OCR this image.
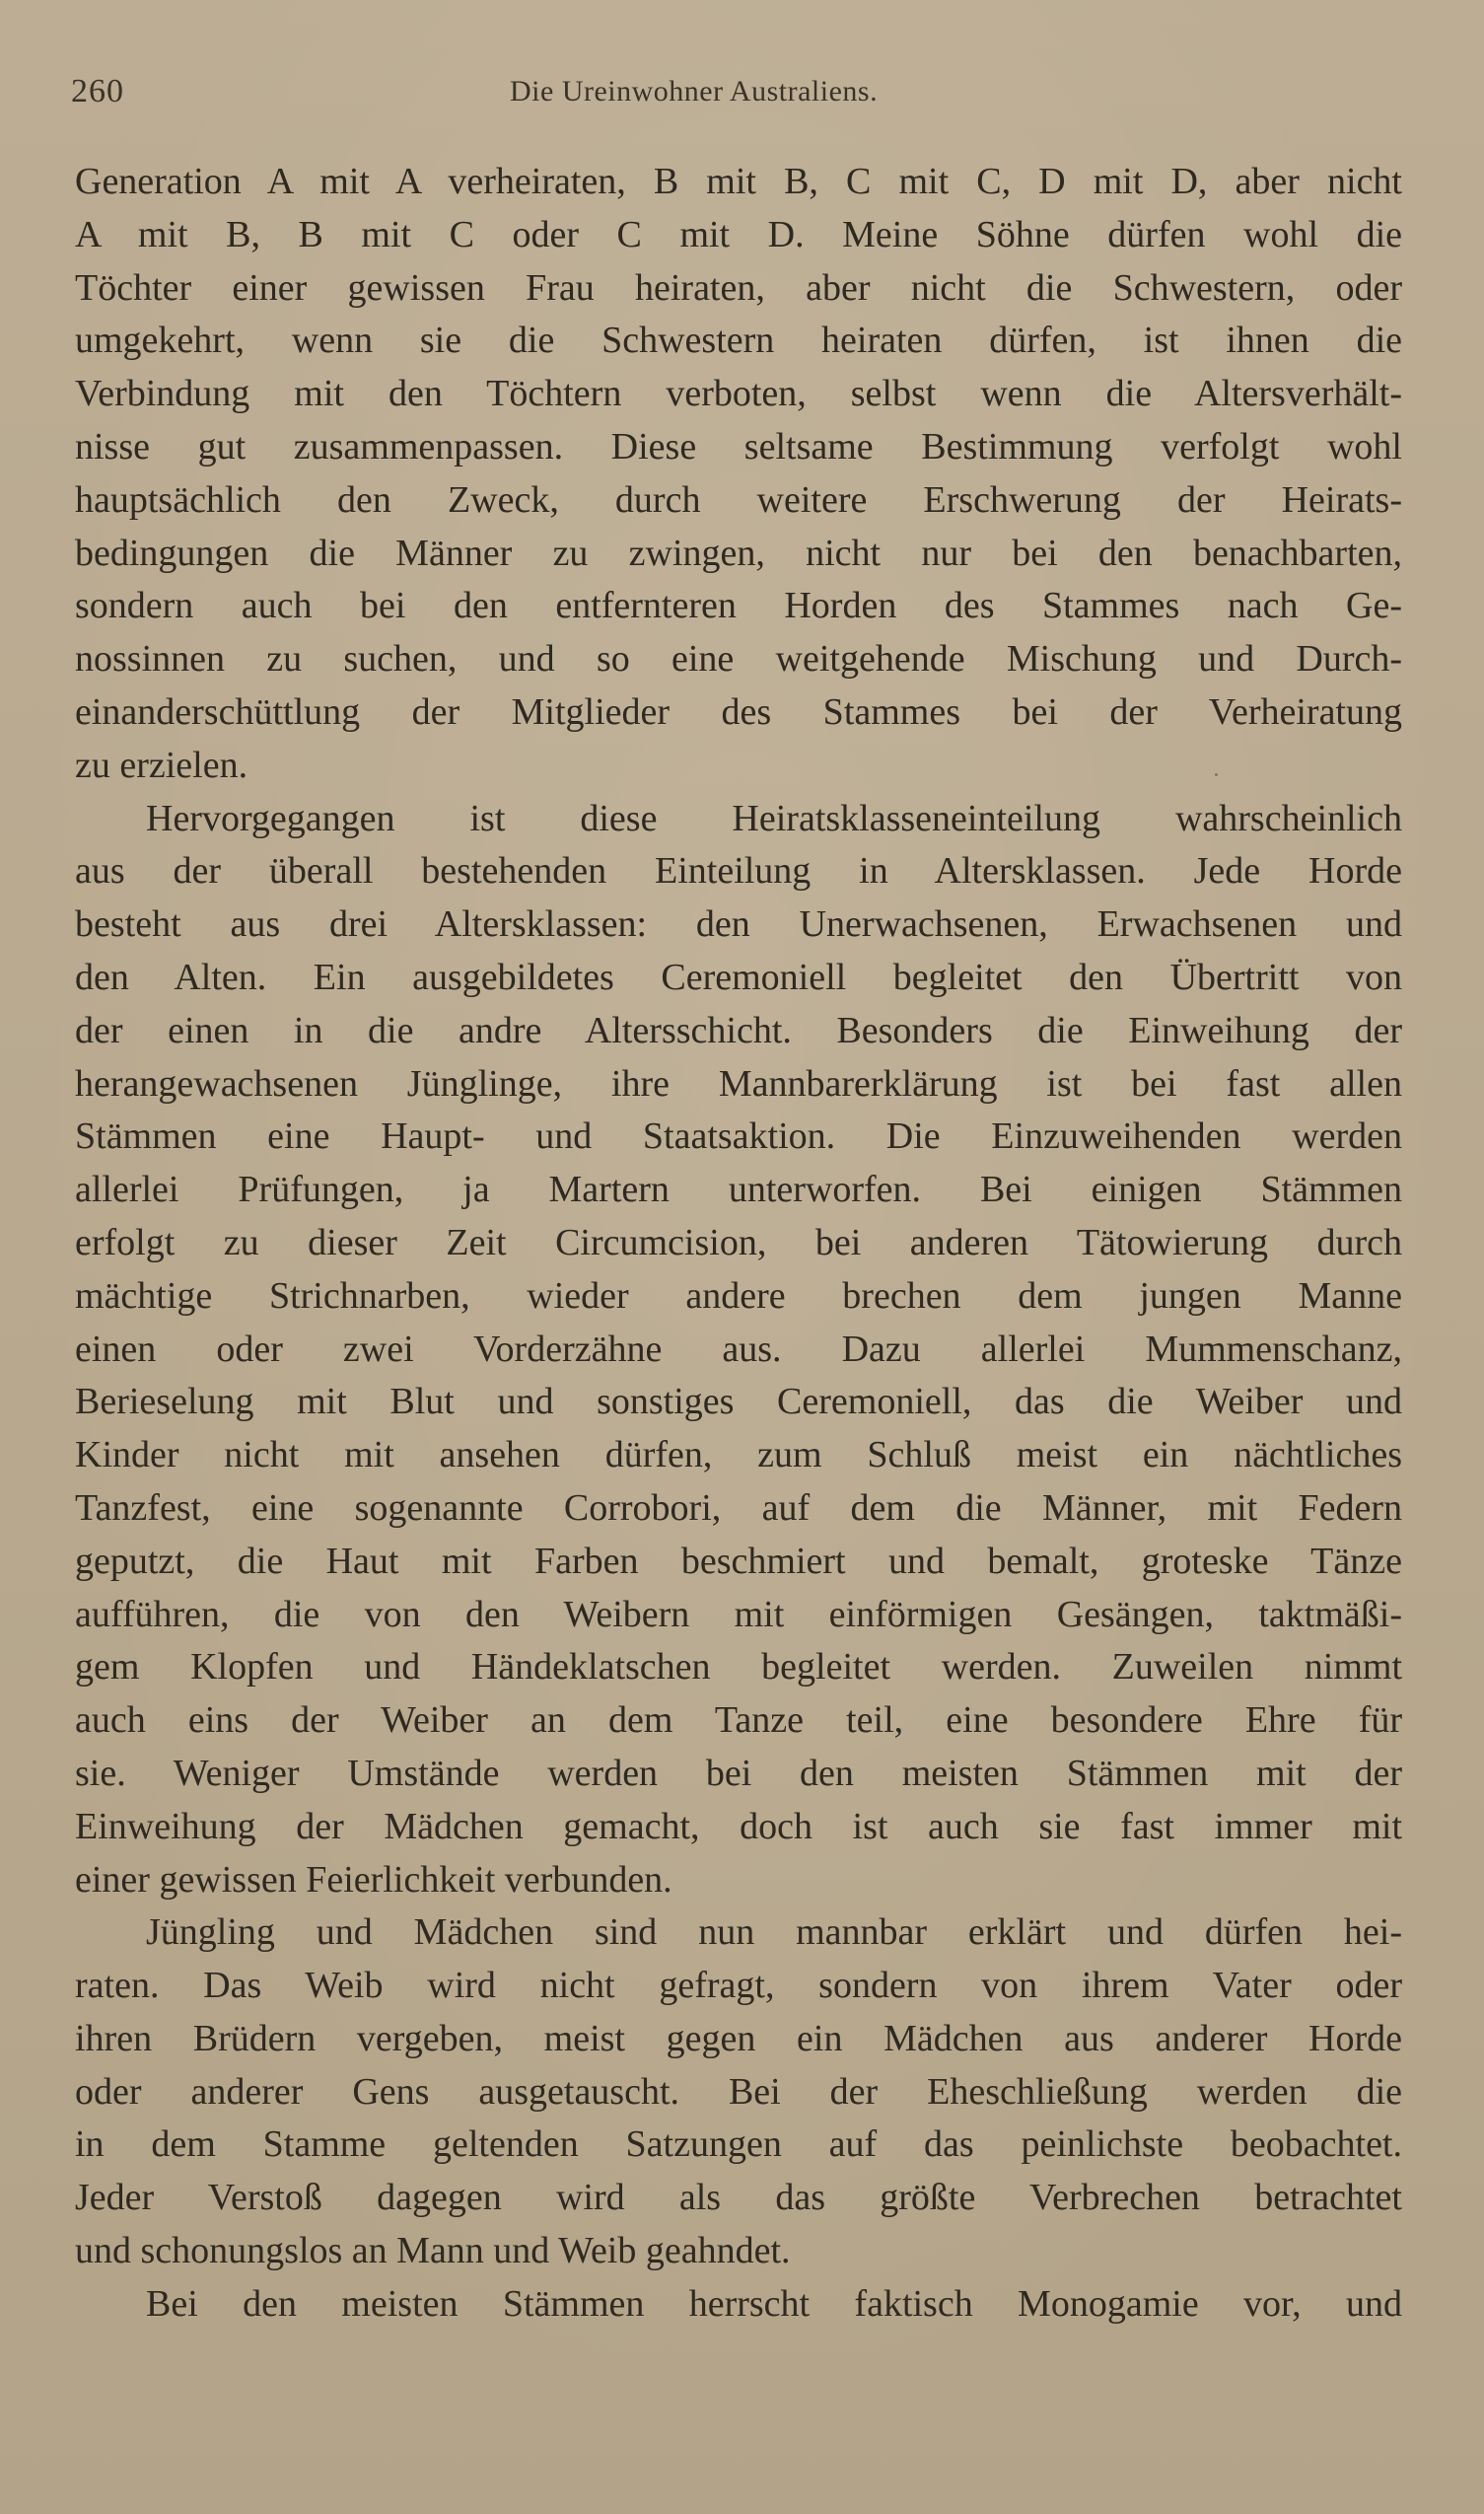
260	Die Ureinwohner Australiens.
Generation A mit A verheiraten, B mit B, C mit C, D mit D, aber nicht
A mit B, B mit C oder C mit D. Meine Söhne dürfen wohl die
Töchter einer gewissen Frau heiraten, aber nicht die Schwestern, oder
umgekehrt, wenn sie die Schwestern heiraten dürfen, ist ihnen die
Verbindung mit den Töchtern verboten, selbst wenn die Altersverhält-
nisse gut zusammenpassen. Diese seltsame Bestimmung verfolgt wohl
hauptsächlich den Zweck, durch weitere Erschwerung der Heirats-
bedingungen die Männer zu zwingen, nicht nur bei den benachbarten,
sondern auch bei den entfernteren Horden des Stammes nach Ge-
nossinnen zu suchen, und so eine weitgehende Mischung und Durch-
einanderschüttlung der Mitglieder des Stammes bei der Verheiratung
zu erzielen.
Hervorgegangen ist diese Heiratsklasseneinteilung wahrscheinlich
aus der überall bestehenden Einteilung in Altersklassen. Jede Horde
besteht aus drei Altersklassen: den Unerwachsenen, Erwachsenen und
den Alten. Ein ausgebildetes Ceremoniell begleitet den Übertritt von
der einen in die andre Altersschicht. Besonders die Einweihung der
herangewachsenen Jünglinge, ihre Mannbarerklärung ist bei fast allen
Stämmen eine Haupt- und Staatsaktion. Die Einzuweihenden werden
allerlei Prüfungen, ja Martern unterworfen. Bei einigen Stämmen
erfolgt zu dieser Zeit Circumcision, bei anderen Tätowierung durch
mächtige Strichnarben, wieder andere brechen dem jungen Manne
einen oder zwei Vorderzähne aus. Dazu allerlei Mummenschanz,
Berieselung mit Blut und sonstiges Ceremoniell, das die Weiber und
Kinder nicht mit ansehen dürfen, zum Schluß meist ein nächtliches
Tanzfest, eine sogenannte Corrobori, auf dem die Männer, mit Federn
geputzt, die Haut mit Farben beschmiert und bemalt, groteske Tänze
aufführen, die von den Weibern mit einförmigen Gesängen, taktmäßi-
gem Klopfen und Händeklatschen begleitet werden. Zuweilen nimmt
auch eins der Weiber an dem Tanze teil, eine besondere Ehre für
sie. Weniger Umstände werden bei den meisten Stämmen mit der
Einweihung der Mädchen gemacht, doch ist auch sie fast immer mit
einer gewissen Feierlichkeit verbunden.
Jüngling und Mädchen sind nun mannbar erklärt und dürfen hei-
raten. Das Weib wird nicht gefragt, sondern von ihrem Vater oder
ihren Brüdern vergeben, meist gegen ein Mädchen aus anderer Horde
oder anderer Gens ausgetauscht. Bei der Eheschließung werden die
in dem Stamme geltenden Satzungen auf das peinlichste beobachtet.
Jeder Verstoß dagegen wird als das größte Verbrechen betrachtet
und schonungslos an Mann und Weib geahndet.
Bei den meisten Stämmen herrscht faktisch Monogamie vor, und
